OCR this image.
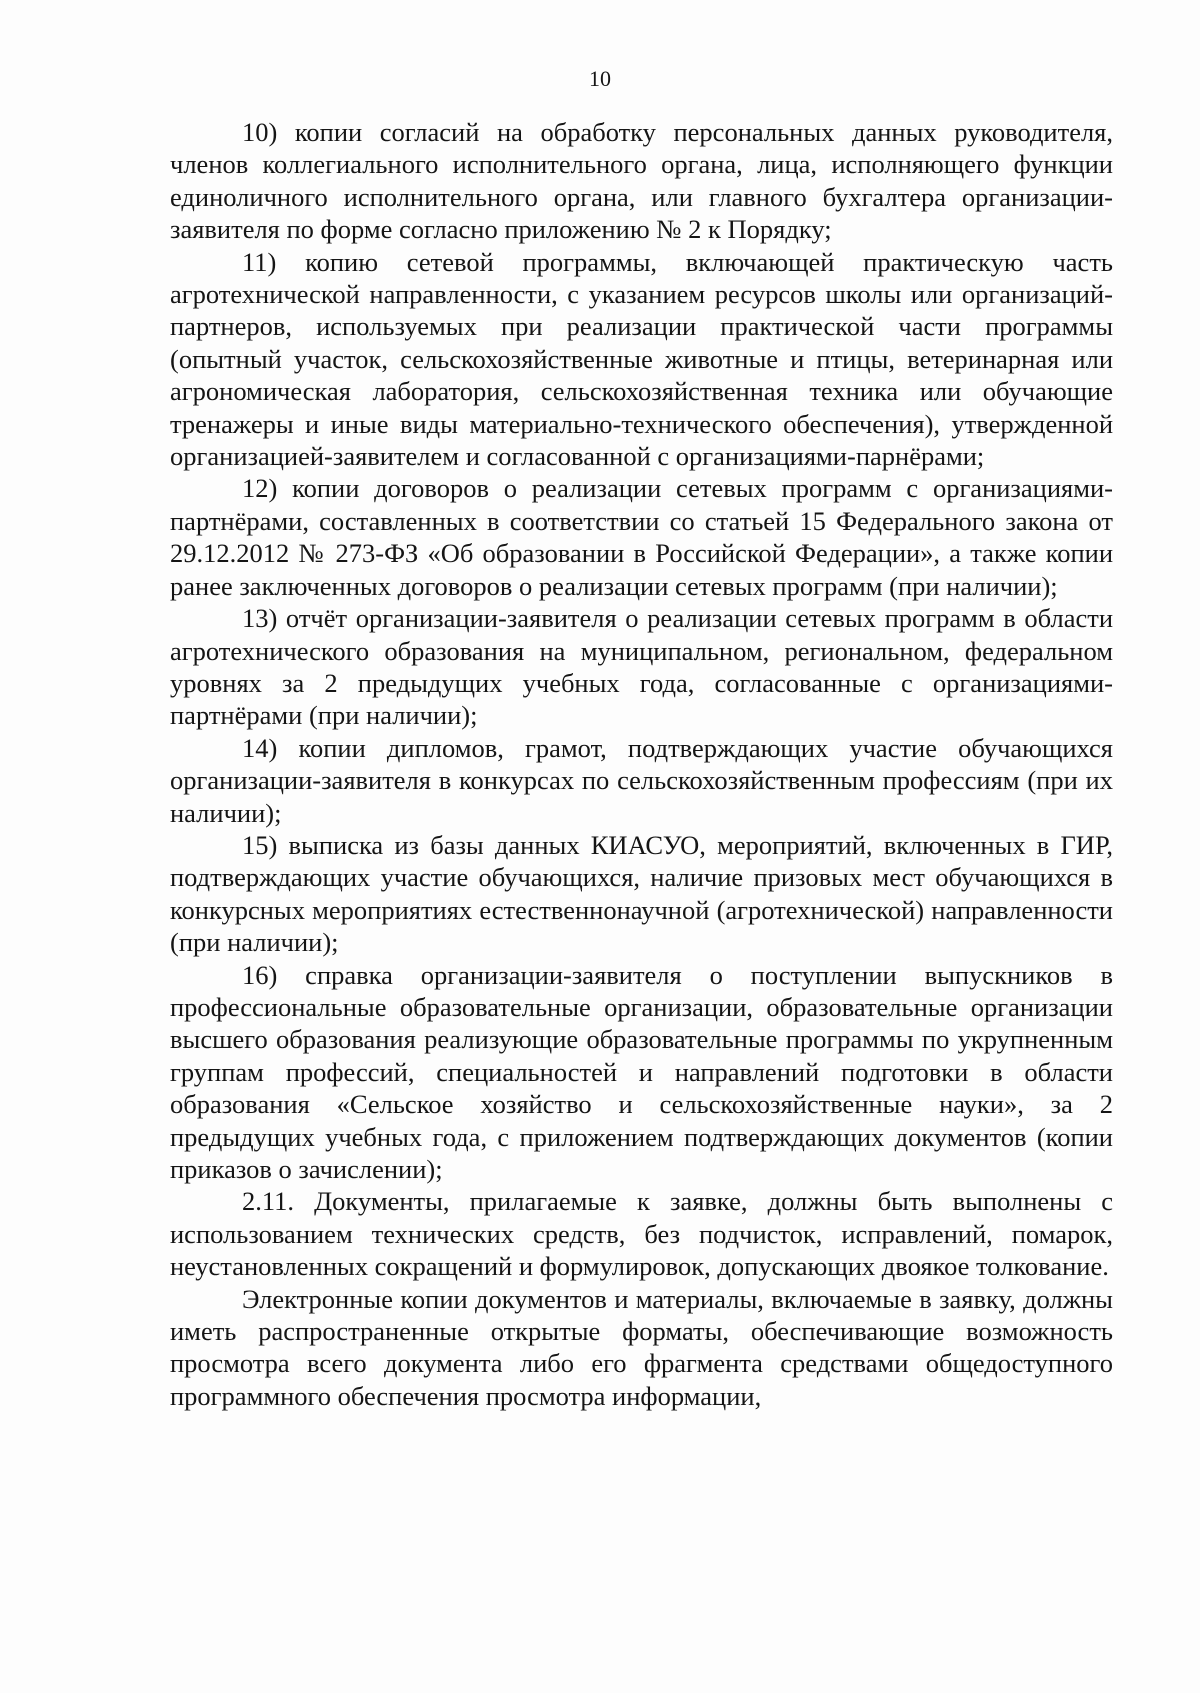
10

10) копии согласий на обработку персональных данных руководителя, членов коллегиального исполнительного органа, лица, исполняющего функции единоличного исполнительного органа, или главного бухгалтера организации-заявителя по форме согласно приложению № 2 к Порядку;

11) копию сетевой программы, включающей практическую часть агротехнической направленности, с указанием ресурсов школы или организаций-партнеров, используемых при реализации практической части программы (опытный участок, сельскохозяйственные животные и птицы, ветеринарная или агрономическая лаборатория, сельскохозяйственная техника или обучающие тренажеры и иные виды материально-технического обеспечения), утвержденной организацией-заявителем и согласованной с организациями-парнёрами;

12) копии договоров о реализации сетевых программ с организациями-партнёрами, составленных в соответствии со статьей 15 Федерального закона от 29.12.2012 № 273-ФЗ «Об образовании в Российской Федерации», а также копии ранее заключенных договоров о реализации сетевых программ (при наличии);

13) отчёт организации-заявителя о реализации сетевых программ в области агротехнического образования на муниципальном, региональном, федеральном уровнях за 2 предыдущих учебных года, согласованные с организациями-партнёрами (при наличии);

14) копии дипломов, грамот, подтверждающих участие обучающихся организации-заявителя в конкурсах по сельскохозяйственным профессиям (при их наличии);

15) выписка из базы данных КИАСУО, мероприятий, включенных в ГИР, подтверждающих участие обучающихся, наличие призовых мест обучающихся в конкурсных мероприятиях естественнонаучной (агротехнической) направленности (при наличии);

16) справка организации-заявителя о поступлении выпускников в профессиональные образовательные организации, образовательные организации высшего образования реализующие образовательные программы по укрупненным группам профессий, специальностей и направлений подготовки в области образования «Сельское хозяйство и сельскохозяйственные науки», за 2 предыдущих учебных года, с приложением подтверждающих документов (копии приказов о зачислении);

2.11. Документы, прилагаемые к заявке, должны быть выполнены с использованием технических средств, без подчисток, исправлений, помарок, неустановленных сокращений и формулировок, допускающих двоякое толкование.

Электронные копии документов и материалы, включаемые в заявку, должны иметь распространенные открытые форматы, обеспечивающие возможность просмотра всего документа либо его фрагмента средствами общедоступного программного обеспечения просмотра информации,
